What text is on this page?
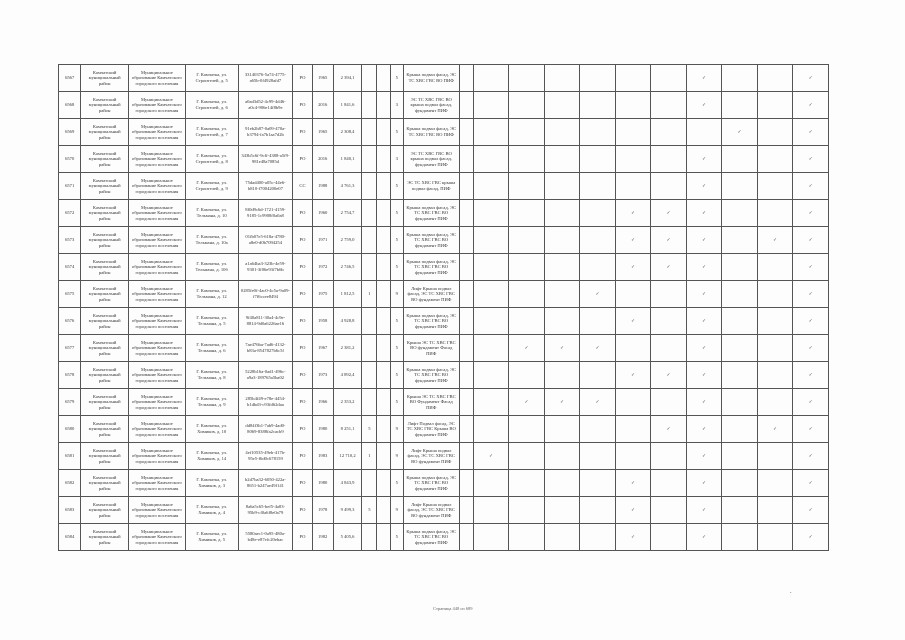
6567	Камчатский муниципальный район	Муниципальное образование Камчатского городского поселения	Г. Камчатка, ул. Строителей, д. 5	33140376-5a74-4775-a65b-0f4928afd7	РО	1965	2 394,1			5	Крыша подвал фасад, ЭС ТС ХВС ГВС ВО ПИФ								✓			✓
6568	Камчатский муниципальный район	Муниципальное образование Камчатского городского поселения	Г. Камчатка, ул. Строителей, д. 6	a0ad3d52-4c99-4d46-a0c4-906e14f8b9e	РО	2016	1 841,6			3	ЭС ТС ХВС ГВС ВО крыша подвал фасад, фундамент ПИФ								✓			✓
6569	Камчатский муниципальный район	Муниципальное образование Камчатского городского поселения	Г. Камчатка, ул. Строителей, д. 7	91eb2b87-0a09-470a-b3794-fa7b1aa7d2b	РО	1965	2 308,4			5	Крыша подвал фасад, ЭС ТС ХВС ГВС ВО ПИФ									✓		✓
6570	Камчатский муниципальный район	Муниципальное образование Камчатского городского поселения	Г. Камчатка, ул. Строителей, д. 8	343b5c6f-9cff-4388-a5f9-981e48a7085d	РО	2016	1 840,1			3	ЭС ТС ХВС ГВС ВО крыша подвал фасад, фундамент ПИФ								✓			✓
6571	Камчатский муниципальный район	Муниципальное образование Камчатского городского поселения	Г. Камчатка, ул. Строителей, д. 9	75dad400-a05c-44e6-b810-f7004200e07	СС	1988	4 761,3			5	ЭС ТС ХВС ГВС крыша подвал фасад, ПИФ								✓			✓
6572	Камчатский муниципальный район	Муниципальное образование Камчатского городского поселения	Г. Камчатка, ул. Тельмана, д. 10	8f0d9c6d-1721-4159-9185-1c9908f0a0a8	РО	1960	2 754,7			5	Крыша подвал фасад, ЭС ТС ХВС ГВС ВО фундамент ПИФ						✓	✓	✓			✓
6573	Камчатский муниципальный район	Муниципальное образование Камчатского городского поселения	Г. Камчатка, ул. Тельмана, д. 10а	01fb07e5-618a-4780-a8e0-d0b7094254	РО	1971	2 759,0			5	Крыша подвал фасад, ЭС ТС ХВС ГВС ВО фундамент ПИФ						✓	✓	✓		✓	✓
6574	Камчатский муниципальный район	Муниципальное образование Камчатского городского поселения	Г. Камчатка, ул. Тельмана, д. 10б	a1a64ba3-323b-4e59-9301-3f06e93f7b6b	РО	1972	2 746,5			5	Крыша подвал фасад, ЭС ТС ХВС ГВС ВО фундамент ПИФ						✓	✓	✓			✓
6575	Камчатский муниципальный район	Муниципальное образование Камчатского городского поселения	Г. Камчатка, ул. Тельмана, д. 12	0285fe0f-4ac0-4c5a-9a09-f7f6ccee8494	РО	1975	1 812,5	1		9	Лифт Крыша подвал фасад, ЭС ТС ХВС ГВС ВО фундамент ПИФ					✓			✓			✓
6576	Камчатский муниципальный район	Муниципальное образование Камчатского городского поселения	Г. Камчатка, ул. Тельмана, д. 5	9f40a811-30a4-4c9e-8814-9d0a6226ae16	РО	1958	4 928,8			5	Крыша подвал фасад, ЭС ТС ХВС ГВС ВО фундамент ПИФ						✓		✓			✓
6577	Камчатский муниципальный район	Муниципальное образование Камчатского городского поселения	Г. Камчатка, ул. Тельмана, д. 6	7ae476ba-7ad6-4132-b83a-8547827b6c5f	РО	1967	2 381,2			5	Крыша ЭС ТС ХВС ГВС ВО фундамент Фасад ПИФ			✓	✓	✓			✓			✓
6578	Камчатский муниципальный район	Муниципальное образование Камчатского городского поселения	Г. Камчатка, ул. Тельмана, д. 8	5228b16a-0ad1-496c-a9a3-189765a5ba02	РО	1973	4 892,4			5	Крыша подвал фасад, ЭС ТС ХВС ГВС ВО фундамент ПИФ						✓	✓	✓			✓
6579	Камчатский муниципальный район	Муниципальное образование Камчатского городского поселения	Г. Камчатка, ул. Тельмана, д. 9	285b4f49-e78e-4454-b1dbd3-c93fd62daa	РО	1966	2 353,2			5	Крыша ЭС ТС ХВС ГВС ВО Фундамент Фасад ПИФ			✓	✓	✓			✓			✓
6580	Камчатский муниципальный район	Муниципальное образование Камчатского городского поселения	Г. Камчатка, ул. Химиков, д. 10	dd84f3b1-7ab9-4ad0-8069-8388fa2cacb9	РО	1980	8 251,1	5		9	Лифт Подвал фасад, ЭС ТС ХВС ГВС Крыша ВО фундамент ПИФ							✓	✓		✓	✓
6581	Камчатский муниципальный район	Муниципальное образование Камчатского городского поселения	Г. Камчатка, ул. Химиков, д. 14	4ef10535-49eb-417b-95e5-f6d0c678159	РО	1983	12 710,2	1		9	Лифт Крыша подвал фасад, ЭС ТС ХВС ГВС ВО фундамент ПИФ		✓						✓			✓
6582	Камчатский муниципальный район	Муниципальное образование Камчатского городского поселения	Г. Камчатка, ул. Химиков, д. 3	b2d7ba32-6050-422a-8651-b247ae49f141	РО	1980	4 843,9			5	Крыша подвал фасад, ЭС ТС ХВС ГВС ВО фундамент ПИФ						✓		✓			✓
6583	Камчатский муниципальный район	Муниципальное образование Камчатского городского поселения	Г. Камчатка, ул. Химиков, д. 4	8a6a5c65-bef5-4a83-95b9-cf0a6f8e0a79	РО	1978	9 499,3	5		9	Лифт Крыша подвал фасад, ЭС ТС ХВС ГВС ВО фундамент ПИФ						✓		✓			✓
6584	Камчатский муниципальный район	Муниципальное образование Камчатского городского поселения	Г. Камчатка, ул. Химиков, д. 5	5580aec1-0a95-480a-b48e-e87efc20ebac	РО	1982	5 405,6			5	Крыша подвал фасад, ЭС ТС ХВС ГВС ВО фундамент ПИФ						✓		✓			✓
•
Страница 448 из 689
